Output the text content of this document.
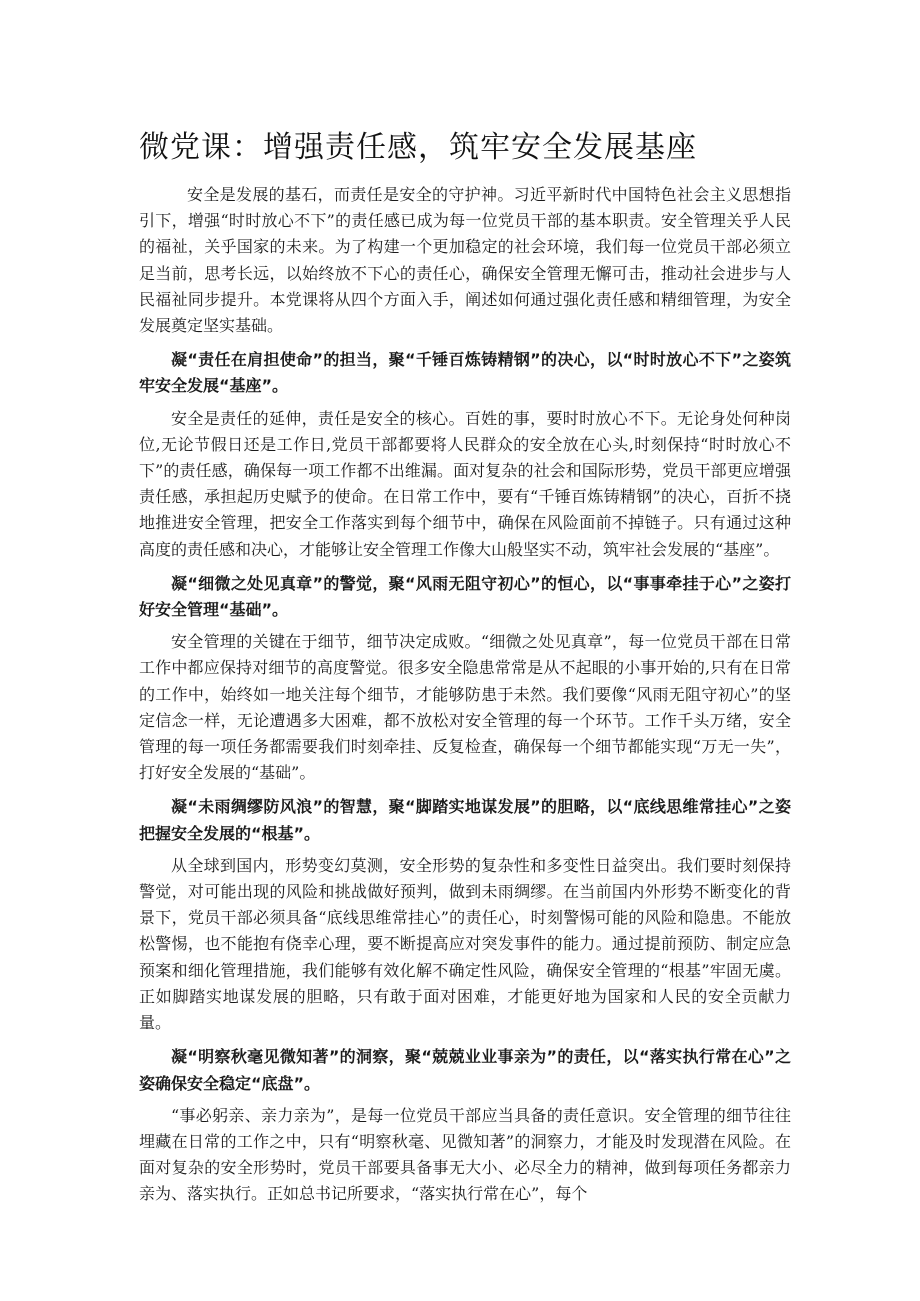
微党课：增强责任感，筑牢安全发展基座

安全是发展的基石，而责任是安全的守护神。习近平新时代中国特色社会主义思想指引下，增强“时时放心不下”的责任感已成为每一位党员干部的基本职责。安全管理关乎人民的福祉，关乎国家的未来。为了构建一个更加稳定的社会环境，我们每一位党员干部必须立足当前，思考长远，以始终放不下心的责任心，确保安全管理无懈可击，推动社会进步与人民福祉同步提升。本党课将从四个方面入手，阐述如何通过强化责任感和精细管理，为安全发展奠定坚实基础。

凝“责任在肩担使命”的担当，聚“千锤百炼铸精钢”的决心，以“时时放心不下”之姿筑牢安全发展“基座”。

安全是责任的延伸，责任是安全的核心。百姓的事，要时时放心不下。无论身处何种岗位,无论节假日还是工作日,党员干部都要将人民群众的安全放在心头,时刻保持“时时放心不下”的责任感，确保每一项工作都不出维漏。面对复杂的社会和国际形势，党员干部更应增强责任感，承担起历史赋予的使命。在日常工作中，要有“千锤百炼铸精钢”的决心，百折不挠地推进安全管理，把安全工作落实到每个细节中，确保在风险面前不掉链子。只有通过这种高度的责任感和决心，才能够让安全管理工作像大山般坚实不动，筑牢社会发展的“基座”。

凝“细微之处见真章”的警觉，聚“风雨无阻守初心”的恒心，以“事事牵挂于心”之姿打好安全管理“基础”。

安全管理的关键在于细节，细节决定成败。“细微之处见真章”，每一位党员干部在日常工作中都应保持对细节的高度警觉。很多安全隐患常常是从不起眼的小事开始的,只有在日常的工作中，始终如一地关注每个细节，才能够防患于未然。我们要像“风雨无阻守初心”的坚定信念一样，无论遭遇多大困难，都不放松对安全管理的每一个环节。工作千头万绪，安全管理的每一项任务都需要我们时刻牵挂、反复检查，确保每一个细节都能实现“万无一失”，打好安全发展的“基础”。

凝“未雨绸缪防风浪”的智慧，聚“脚踏实地谋发展”的胆略，以“底线思维常挂心”之姿把握安全发展的“根基”。

从全球到国内，形势变幻莫测，安全形势的复杂性和多变性日益突出。我们要时刻保持警觉，对可能出现的风险和挑战做好预判，做到未雨绸缪。在当前国内外形势不断变化的背景下，党员干部必须具备“底线思维常挂心”的责任心，时刻警惕可能的风险和隐患。不能放松警惕，也不能抱有侥幸心理，要不断提高应对突发事件的能力。通过提前预防、制定应急预案和细化管理措施，我们能够有效化解不确定性风险，确保安全管理的“根基”牢固无虞。正如脚踏实地谋发展的胆略，只有敢于面对困难，才能更好地为国家和人民的安全贡献力量。

凝“明察秋毫见微知著”的洞察，聚“兢兢业业事亲为”的责任，以“落实执行常在心”之姿确保安全稳定“底盘”。

“事必躬亲、亲力亲为”，是每一位党员干部应当具备的责任意识。安全管理的细节往往埋藏在日常的工作之中，只有“明察秋毫、见微知著”的洞察力，才能及时发现潜在风险。在面对复杂的安全形势时，党员干部要具备事无大小、必尽全力的精神，做到每项任务都亲力亲为、落实执行。正如总书记所要求，“落实执行常在心”，每个
